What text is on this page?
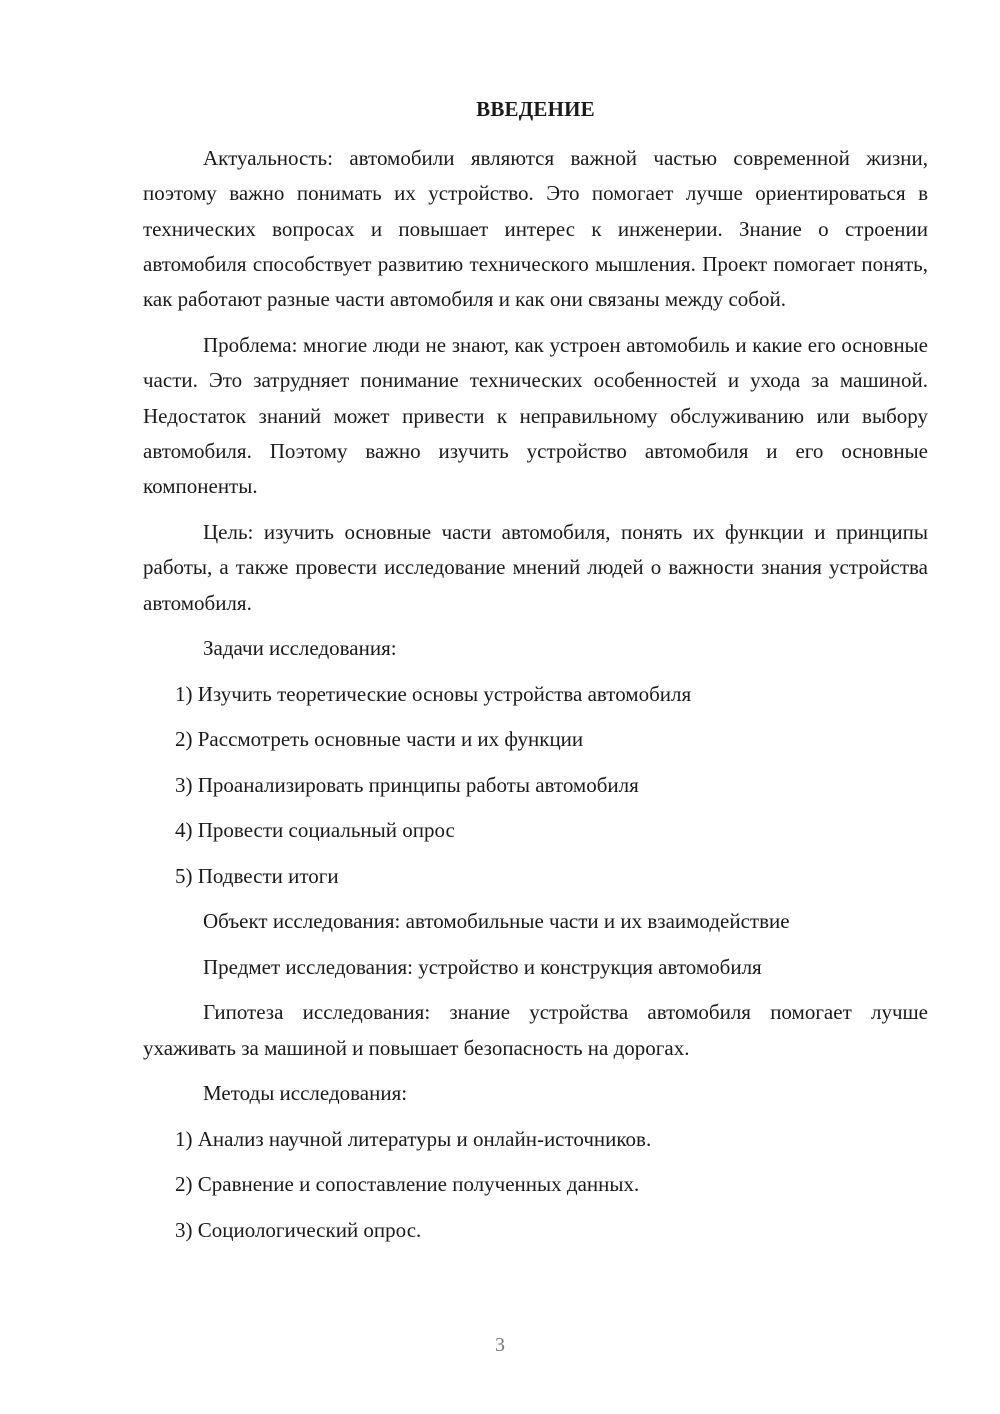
ВВЕДЕНИЕ

Актуальность: автомобили являются важной частью современной жизни, поэтому важно понимать их устройство. Это помогает лучше ориентироваться в технических вопросах и повышает интерес к инженерии. Знание о строении автомобиля способствует развитию технического мышления. Проект помогает понять, как работают разные части автомобиля и как они связаны между собой.

Проблема: многие люди не знают, как устроен автомобиль и какие его основные части. Это затрудняет понимание технических особенностей и ухода за машиной. Недостаток знаний может привести к неправильному обслуживанию или выбору автомобиля. Поэтому важно изучить устройство автомобиля и его основные компоненты.

Цель: изучить основные части автомобиля, понять их функции и принципы работы, а также провести исследование мнений людей о важности знания устройства автомобиля.

Задачи исследования:
1) Изучить теоретические основы устройства автомобиля
2) Рассмотреть основные части и их функции
3) Проанализировать принципы работы автомобиля
4) Провести социальный опрос
5) Подвести итоги
Объект исследования: автомобильные части и их взаимодействие
Предмет исследования: устройство и конструкция автомобиля

Гипотеза исследования: знание устройства автомобиля помогает лучше ухаживать за машиной и повышает безопасность на дорогах.

Методы исследования:
1) Анализ научной литературы и онлайн-источников.
2) Сравнение и сопоставление полученных данных.
3) Социологический опрос.
3
